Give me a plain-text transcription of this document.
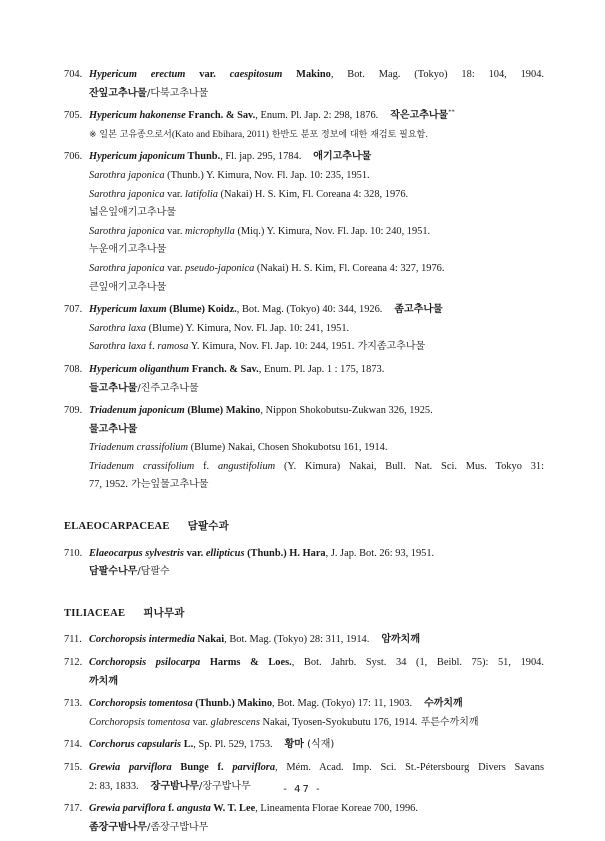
704. Hypericum erectum var. caespitosum Makino, Bot. Mag. (Tokyo) 18: 104, 1904.
잔잎고추나물/다북고추나물
705. Hypericum hakonense Franch. & Sav., Enum. Pl. Jap. 2: 298, 1876. 작은고추나물**
※ 일본 고유종으로서(Kato and Ebihara, 2011) 한반도 분포 정보에 대한 재검토 필요함.
706. Hypericum japonicum Thunb., Fl. jap. 295, 1784. 애기고추나물
Sarothra japonica (Thunb.) Y. Kimura, Nov. Fl. Jap. 10: 235, 1951.
Sarothra japonica var. latifolia (Nakai) H. S. Kim, Fl. Coreana 4: 328, 1976.
넓은잎애기고추나물
Sarothra japonica var. microphylla (Miq.) Y. Kimura, Nov. Fl. Jap. 10: 240, 1951.
누운애기고추나물
Sarothra japonica var. pseudo-japonica (Nakai) H. S. Kim, Fl. Coreana 4: 327, 1976.
큰잎애기고추나물
707. Hypericum laxum (Blume) Koidz., Bot. Mag. (Tokyo) 40: 344, 1926. 좀고추나물
Sarothra laxa (Blume) Y. Kimura, Nov. Fl. Jap. 10: 241, 1951.
Sarothra laxa f. ramosa Y. Kimura, Nov. Fl. Jap. 10: 244, 1951. 가지좀고추나물
708. Hypericum oliganthum Franch. & Sav., Enum. Pl. Jap. 1 : 175, 1873.
들고추나물/진주고추나물
709. Triadenum japonicum (Blume) Makino, Nippon Shokobutsu-Zukwan 326, 1925.
물고추나물
Triadenum crassifolium (Blume) Nakai, Chosen Shokubotsu 161, 1914.
Triadenum crassifolium f. angustifolium (Y. Kimura) Nakai, Bull. Nat. Sci. Mus. Tokyo 31:
77, 1952. 가는잎물고추나물
ELAEOCARPACEAE 담팔수과
710. Elaeocarpus sylvestris var. ellipticus (Thunb.) H. Hara, J. Jap. Bot. 26: 93, 1951.
담팔수나무/담팔수
TILIACEAE 피나무과
711. Corchoropsis intermedia Nakai, Bot. Mag. (Tokyo) 28: 311, 1914. 암까치깨
712. Corchoropsis psilocarpa Harms & Loes., Bot. Jahrb. Syst. 34 (1, Beibl. 75): 51, 1904.
까치깨
713. Corchoropsis tomentosa (Thunb.) Makino, Bot. Mag. (Tokyo) 17: 11, 1903. 수까치깨
Corchoropsis tomentosa var. glabrescens Nakai, Tyosen-Syokubutu 176, 1914. 푸른수까치깨
714. Corchorus capsularis L., Sp. Pl. 529, 1753. 황마 (식재)
715. Grewia parviflora Bunge f. parviflora, Mém. Acad. Imp. Sci. St.-Pétersbourg Divers Savans
2: 83, 1833. 장구밤나무/장구밥나무
717. Grewia parviflora f. angusta W. T. Lee, Lineamenta Florae Koreae 700, 1996.
좀장구밤나무/좀장구밥나무
- 47 -
